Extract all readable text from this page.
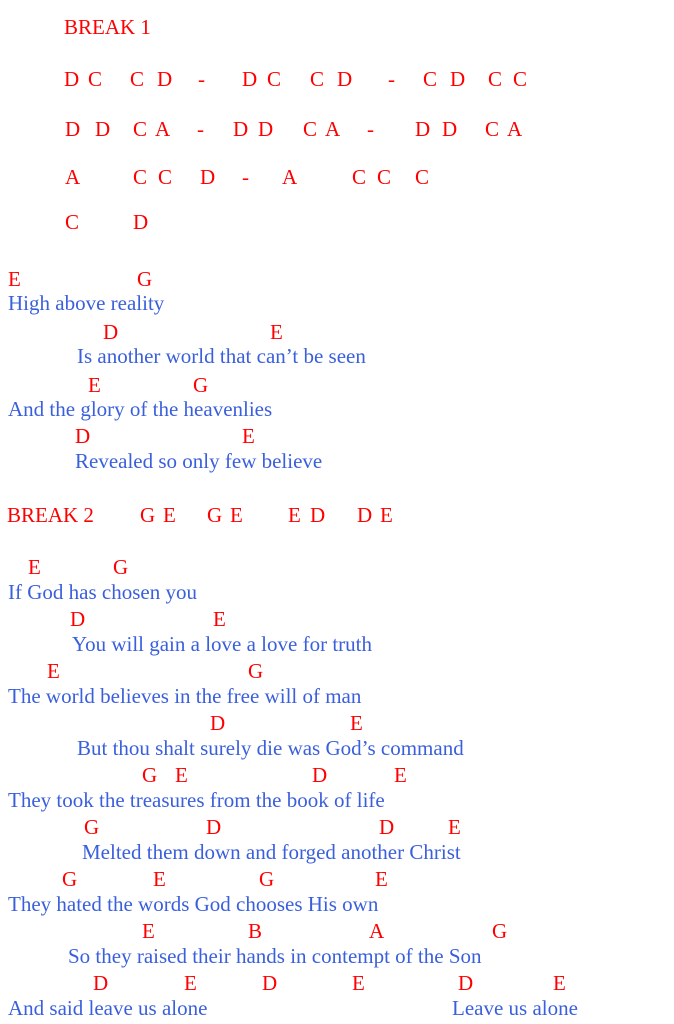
BREAK 1
D C C D - D C C D - C D C C
D D C A - D D C A - D D C A
A	C C D - A	C C C
C	D
E	G
High above reality
D	E
Is another world that can’t be seen
E	G
And the glory of the heavenlies
D	E
Revealed so only few believe
BREAK 2 G E G E E D D E
E	G
If God has chosen you
D	E
You will gain a love a love for truth
E	G
The world believes in the free will of man
D	E
But thou shalt surely die was God’s command
G E	D	E
They took the treasures from the book of life
G	D	D	E
Melted them down and forged another Christ
G	E	G	E
They hated the words God chooses His own
E	B	A	G
So they raised their hands in contempt of the Son
D	E	D	E	D	E
And said leave us alone	Leave us alone
